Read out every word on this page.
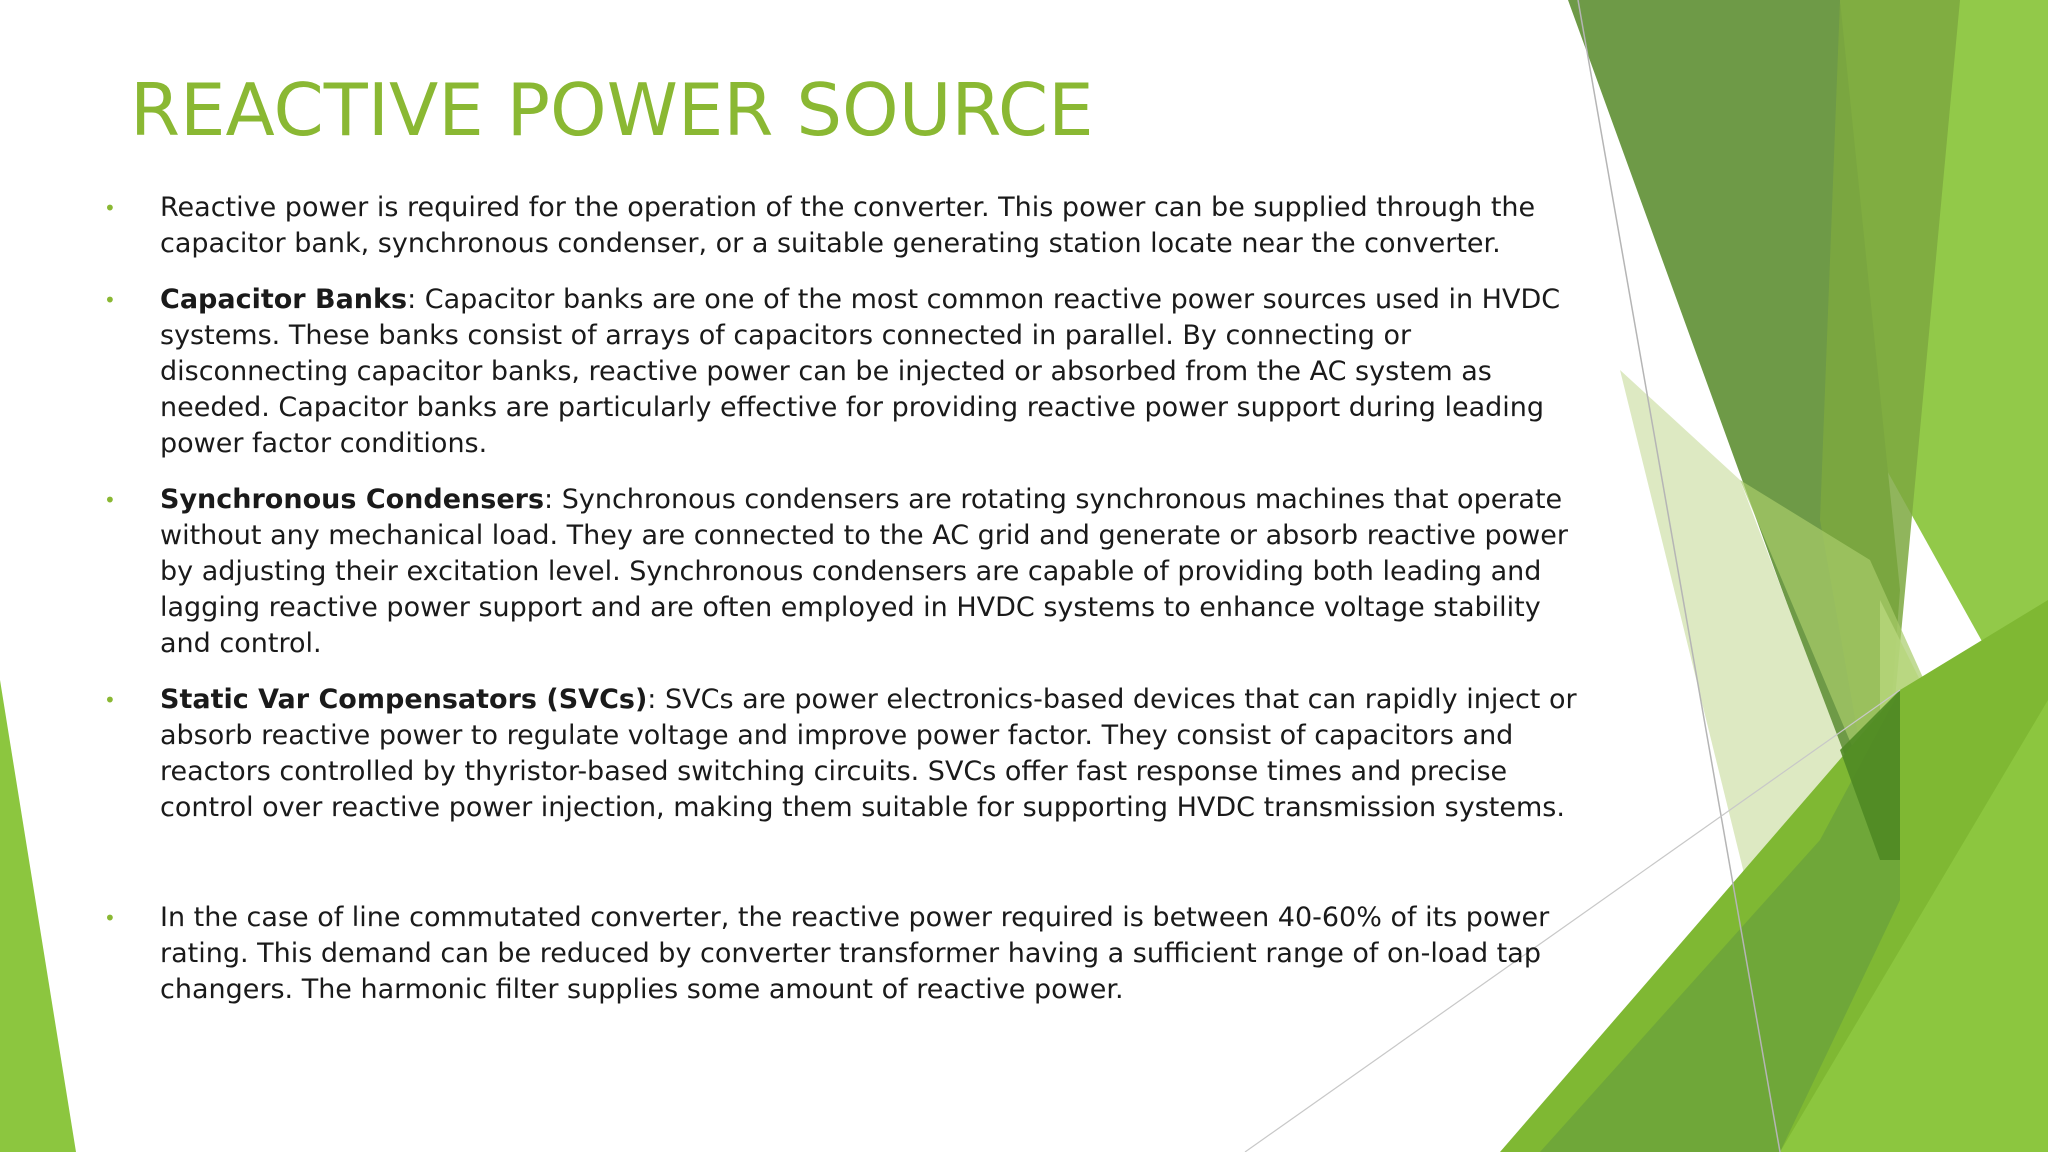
REACTIVE POWER SOURCE
• Reactive power is required for the operation of the converter. This power can be supplied through the capacitor bank, synchronous condenser, or a suitable generating station locate near the converter.
• Capacitor Banks: Capacitor banks are one of the most common reactive power sources used in HVDC systems. These banks consist of arrays of capacitors connected in parallel. By connecting or disconnecting capacitor banks, reactive power can be injected or absorbed from the AC system as needed. Capacitor banks are particularly effective for providing reactive power support during leading power factor conditions.
• Synchronous Condensers: Synchronous condensers are rotating synchronous machines that operate without any mechanical load. They are connected to the AC grid and generate or absorb reactive power by adjusting their excitation level. Synchronous condensers are capable of providing both leading and lagging reactive power support and are often employed in HVDC systems to enhance voltage stability and control.
• Static Var Compensators (SVCs): SVCs are power electronics-based devices that can rapidly inject or absorb reactive power to regulate voltage and improve power factor. They consist of capacitors and reactors controlled by thyristor-based switching circuits. SVCs offer fast response times and precise control over reactive power injection, making them suitable for supporting HVDC transmission systems.
• In the case of line commutated converter, the reactive power required is between 40-60% of its power rating. This demand can be reduced by converter transformer having a sufficient range of on-load tap changers. The harmonic filter supplies some amount of reactive power.
